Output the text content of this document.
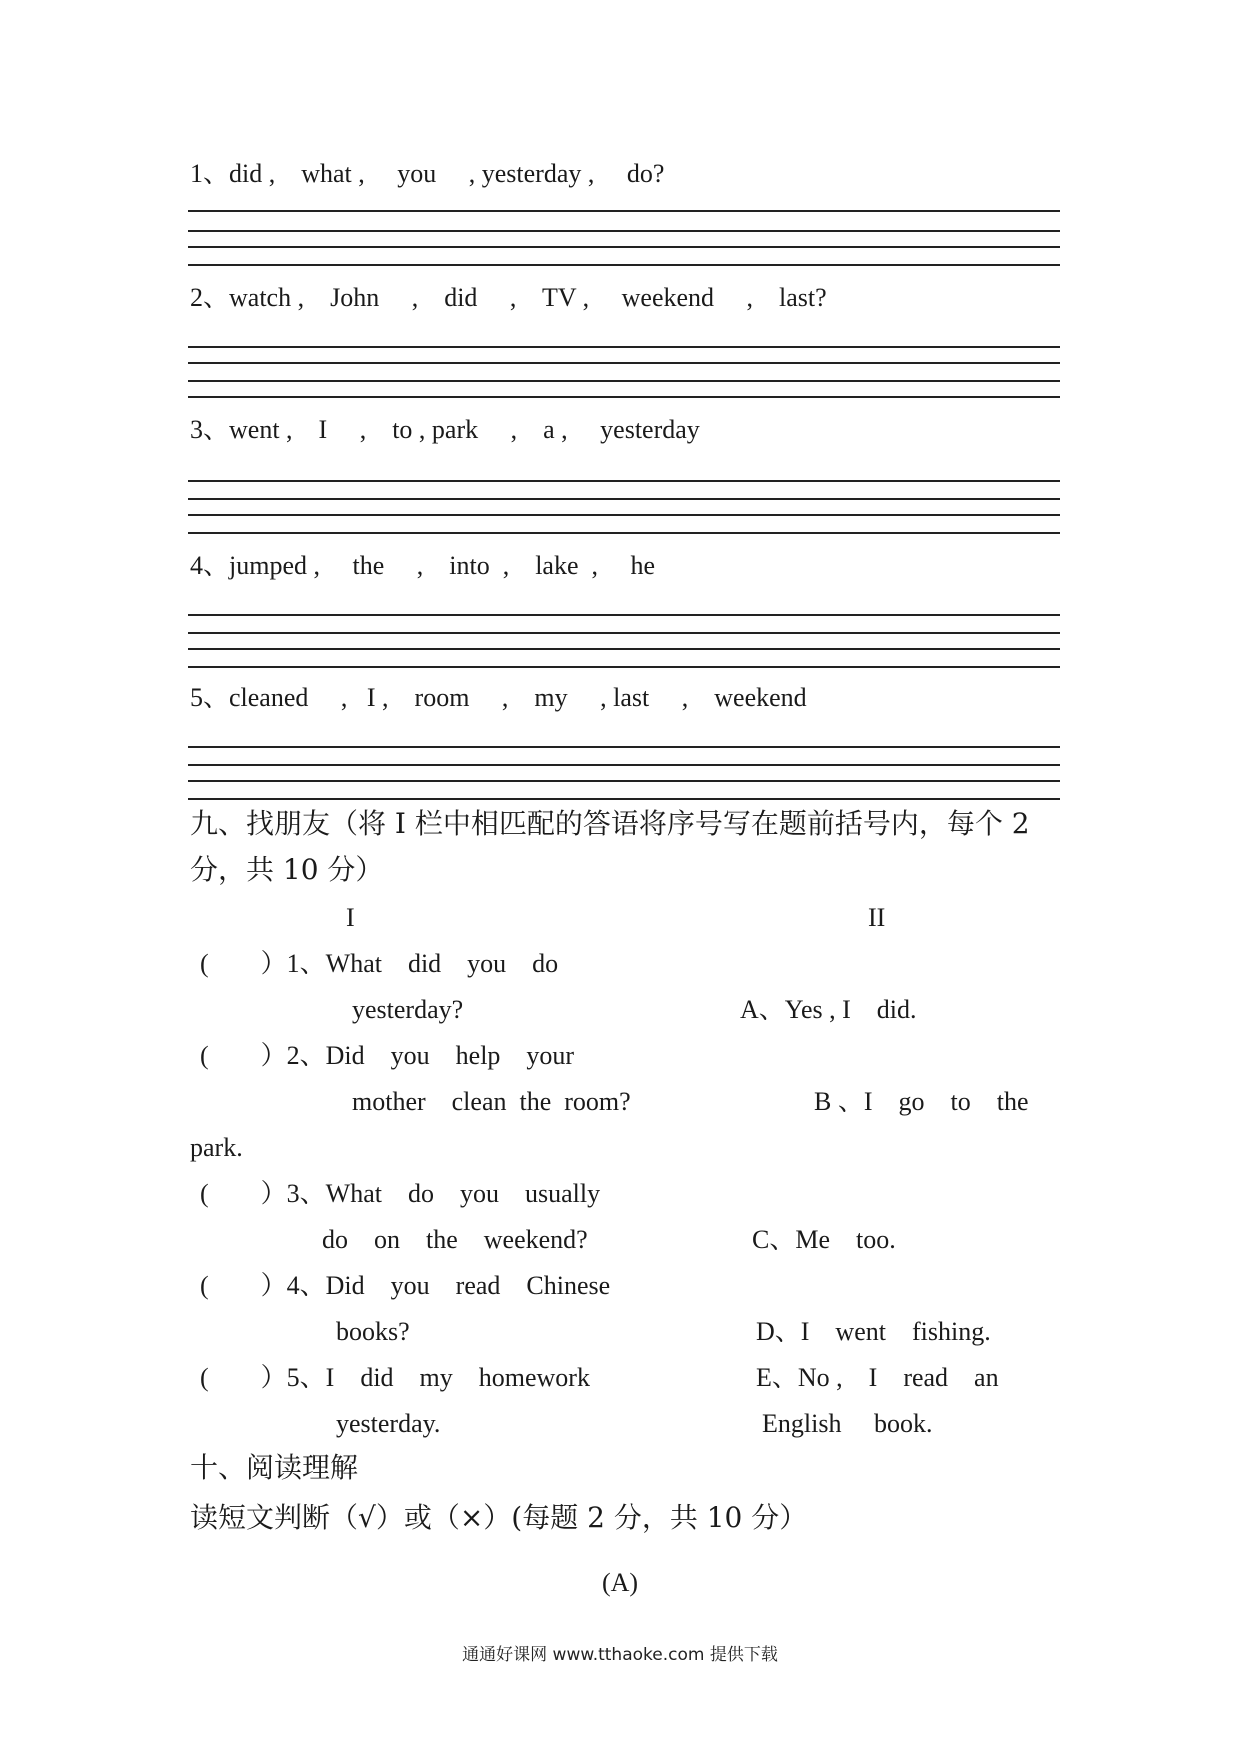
1、did ,    what ,     you     , yesterday ,     do?
2、watch ,    John     ,    did     ,    TV ,     weekend     ,    last?
3、went ,    I     ,    to , park     ,    a ,     yesterday
4、jumped ,     the     ,    into  ,    lake  ,     he
5、cleaned     ,   I ,    room     ,    my     , last     ,    weekend
九、找朋友（将 I 栏中相匹配的答语将序号写在题前括号内，每个 2
分，共 10 分）
I	II
(        ）1、What    did    you    do
yesterday?	A、Yes , I    did.
(        ）2、Did    you    help    your
mother    clean  the  room?	B 、I    go    to    the
park.
(        ）3、What    do    you    usually
do    on    the    weekend?	C、Me    too.
(        ）4、Did    you    read    Chinese
books?	D、I    went    fishing.
(        ）5、I    did    my    homework	E、No ,    I    read    an
yesterday.	English     book.
十、阅读理解
读短文判断（√）或（×）(每题 2 分，共 10 分）
(A)
通通好课网 www.tthaoke.com 提供下载
